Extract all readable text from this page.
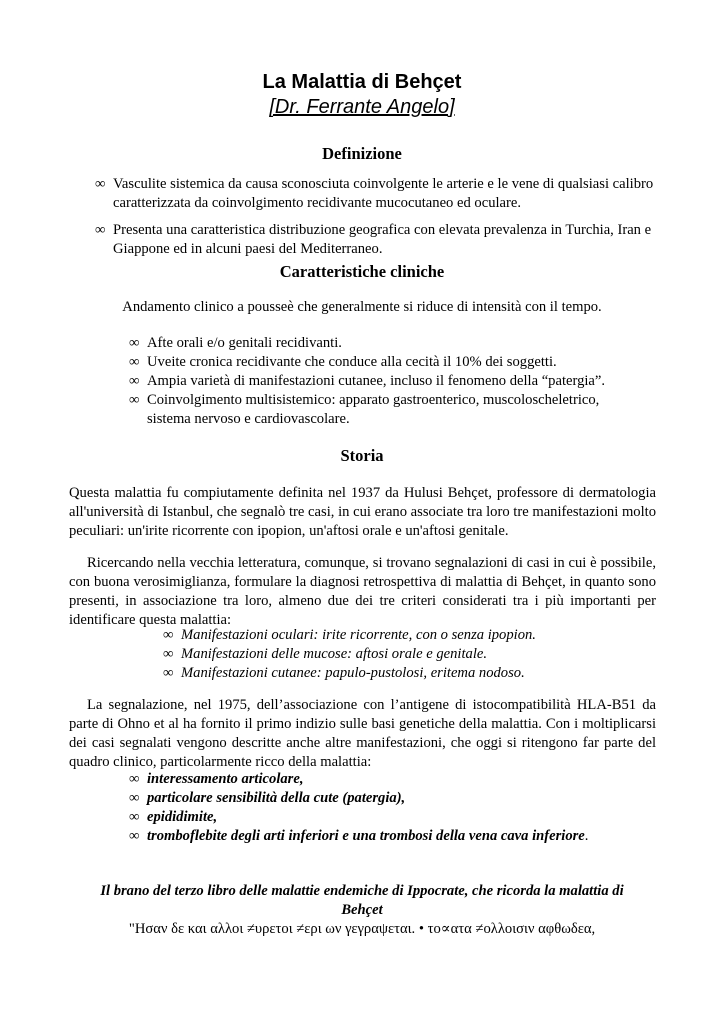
La Malattia di Behçet
[Dr. Ferrante Angelo]
Definizione
∞ Vasculite sistemica da causa sconosciuta coinvolgente le arterie e le vene di qualsiasi calibro caratterizzata da coinvolgimento recidivante mucocutaneo ed oculare.
∞ Presenta una caratteristica distribuzione geografica con elevata prevalenza in Turchia, Iran e Giappone ed in alcuni paesi del Mediterraneo.
Caratteristiche cliniche

Andamento clinico a pousseè che generalmente si riduce di intensità con il tempo.

∞ Afte orali e/o genitali recidivanti.
∞ Uveite cronica recidivante che conduce alla cecità il 10% dei soggetti.
∞ Ampia varietà di manifestazioni cutanee, incluso il fenomeno della “patergia”.
∞ Coinvolgimento multisistemico: apparato gastroenterico, muscoloscheletrico, sistema nervoso e cardiovascolare.
Storia

Questa malattia fu compiutamente definita nel 1937 da Hulusi Behçet, professore di dermatologia all'università di Istanbul, che segnalò tre casi, in cui erano associate tra loro tre manifestazioni molto peculiari: un'irite ricorrente con ipopion, un'aftosi orale e un'aftosi genitale.

Ricercando nella vecchia letteratura, comunque, si trovano segnalazioni di casi in cui è possibile, con buona verosimiglianza, formulare la diagnosi retrospettiva di malattia di Behçet, in quanto sono presenti, in associazione tra loro, almeno due dei tre criteri considerati tra i più importanti per identificare questa malattia:

∞ Manifestazioni oculari: irite ricorrente, con o senza ipopion.
∞ Manifestazioni delle mucose: aftosi orale e genitale.
∞ Manifestazioni cutanee: papulo-pustolosi, eritema nodoso.

La segnalazione, nel 1975, dell’associazione con l’antigene di istocompatibilità HLA-B51 da parte di Ohno et al ha fornito il primo indizio sulle basi genetiche della malattia. Con i moltiplicarsi dei casi segnalati vengono descritte anche altre manifestazioni, che oggi si ritengono far parte del quadro clinico, particolarmente ricco della malattia:

∞ interessamento articolare,
∞ particolare sensibilità della cute (patergia),
∞ epididimite,
∞ tromboflebite degli arti inferiori e una trombosi della vena cava inferiore.
Il brano del terzo libro delle malattie endemiche di Ippocrate, che ricorda la malattia di Behçet
"Ησαν δε και αλλοι ≠υρετοι ≠ερι ων γεγραψεται. • το∝ατα ≠ολλοισιν αφθωδεα,
